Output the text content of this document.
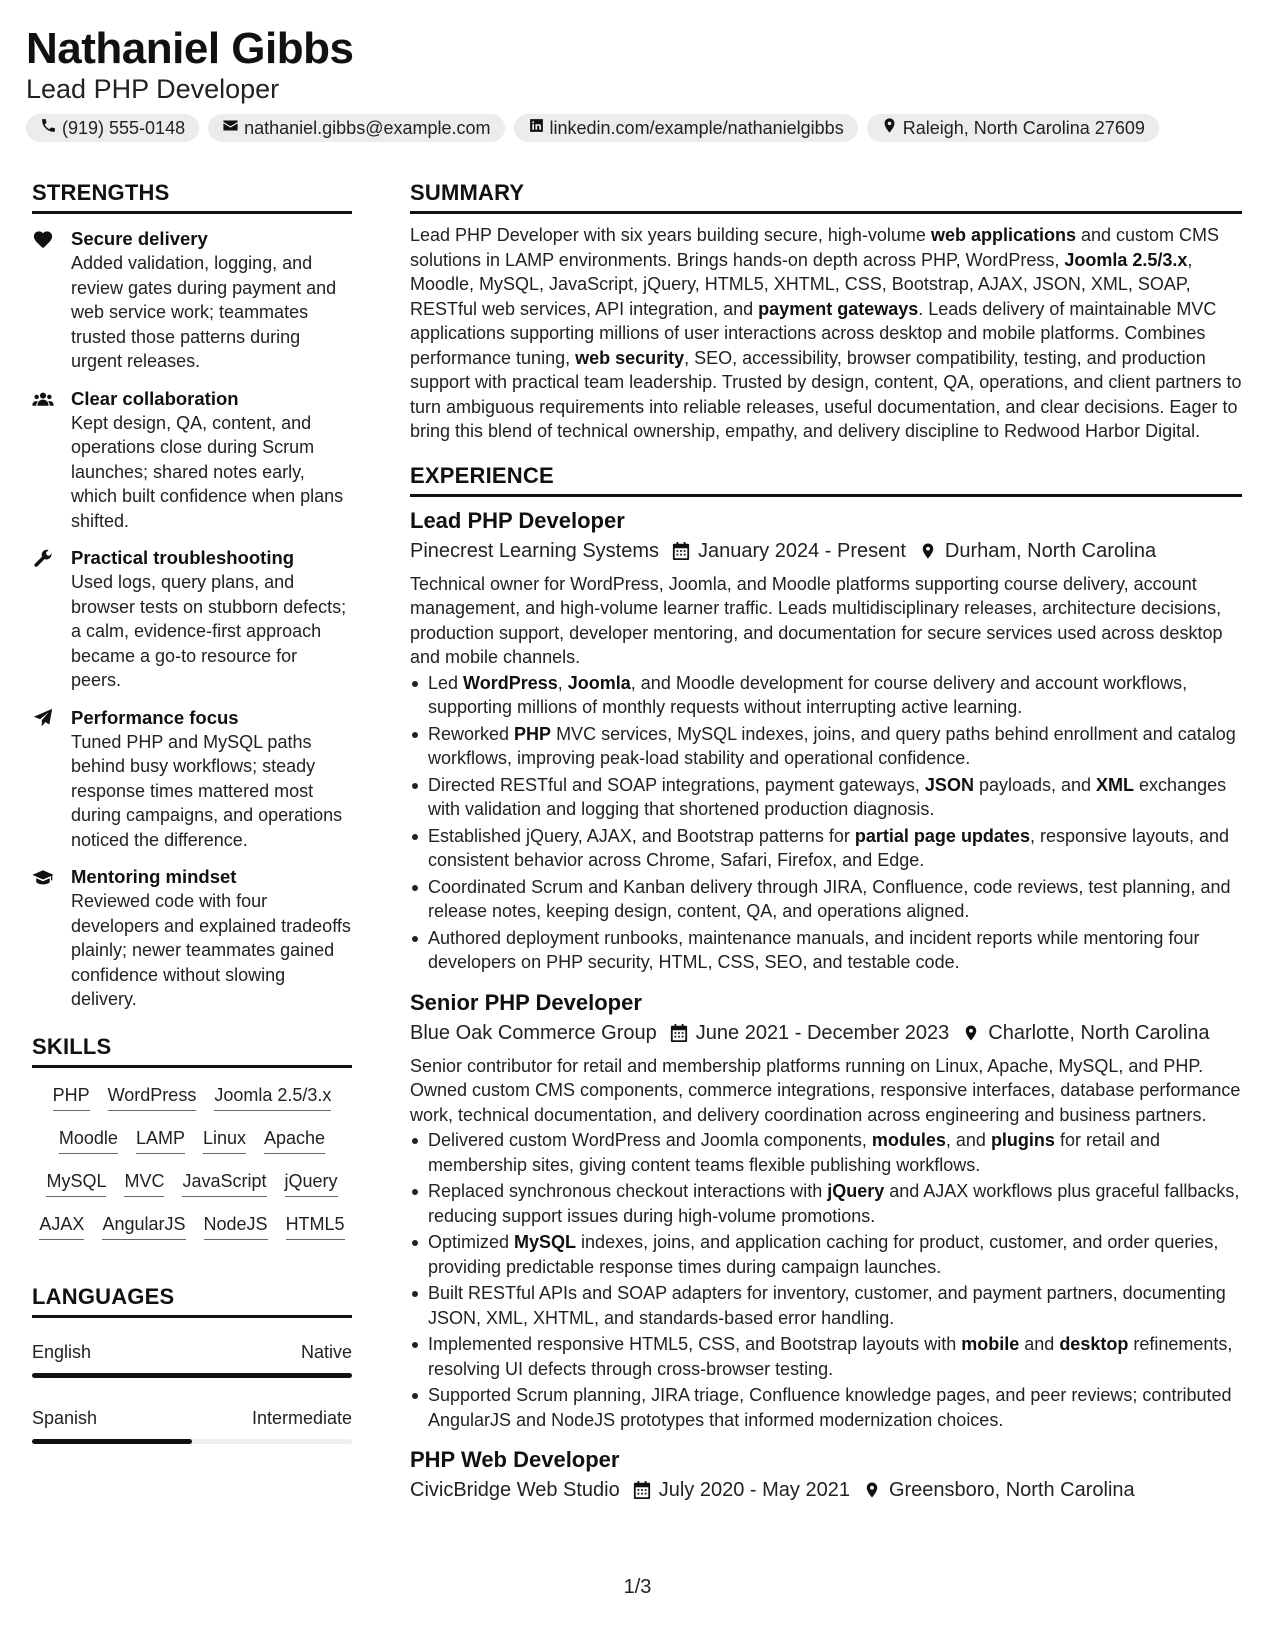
Nathaniel Gibbs
Lead PHP Developer
(919) 555-0148	nathaniel.gibbs@example.com	linkedin.com/example/nathanielgibbs	Raleigh, North Carolina 27609
STRENGTHS
Secure delivery
Added validation, logging, and review gates during payment and web service work; teammates trusted those patterns during urgent releases.
Clear collaboration
Kept design, QA, content, and operations close during Scrum launches; shared notes early, which built confidence when plans shifted.
Practical troubleshooting
Used logs, query plans, and browser tests on stubborn defects; a calm, evidence-first approach became a go-to resource for peers.
Performance focus
Tuned PHP and MySQL paths behind busy workflows; steady response times mattered most during campaigns, and operations noticed the difference.
Mentoring mindset
Reviewed code with four developers and explained tradeoffs plainly; newer teammates gained confidence without slowing delivery.
SKILLS
PHP WordPress Joomla 2.5/3.x
Moodle LAMP Linux Apache
MySQL MVC JavaScript jQuery
AJAX AngularJS NodeJS HTML5
LANGUAGES
English	Native
Spanish	Intermediate
SUMMARY
Lead PHP Developer with six years building secure, high-volume web applications and custom CMS solutions in LAMP environments. Brings hands-on depth across PHP, WordPress, Joomla 2.5/3.x, Moodle, MySQL, JavaScript, jQuery, HTML5, XHTML, CSS, Bootstrap, AJAX, JSON, XML, SOAP, RESTful web services, API integration, and payment gateways. Leads delivery of maintainable MVC applications supporting millions of user interactions across desktop and mobile platforms. Combines performance tuning, web security, SEO, accessibility, browser compatibility, testing, and production support with practical team leadership. Trusted by design, content, QA, operations, and client partners to turn ambiguous requirements into reliable releases, useful documentation, and clear decisions. Eager to bring this blend of technical ownership, empathy, and delivery discipline to Redwood Harbor Digital.
EXPERIENCE
Lead PHP Developer
Pinecrest Learning Systems January 2024 - Present Durham, North Carolina
Technical owner for WordPress, Joomla, and Moodle platforms supporting course delivery, account management, and high-volume learner traffic. Leads multidisciplinary releases, architecture decisions, production support, developer mentoring, and documentation for secure services used across desktop and mobile channels.
Led WordPress, Joomla, and Moodle development for course delivery and account workflows, supporting millions of monthly requests without interrupting active learning.
Reworked PHP MVC services, MySQL indexes, joins, and query paths behind enrollment and catalog workflows, improving peak-load stability and operational confidence.
Directed RESTful and SOAP integrations, payment gateways, JSON payloads, and XML exchanges with validation and logging that shortened production diagnosis.
Established jQuery, AJAX, and Bootstrap patterns for partial page updates, responsive layouts, and consistent behavior across Chrome, Safari, Firefox, and Edge.
Coordinated Scrum and Kanban delivery through JIRA, Confluence, code reviews, test planning, and release notes, keeping design, content, QA, and operations aligned.
Authored deployment runbooks, maintenance manuals, and incident reports while mentoring four developers on PHP security, HTML, CSS, SEO, and testable code.
Senior PHP Developer
Blue Oak Commerce Group June 2021 - December 2023 Charlotte, North Carolina
Senior contributor for retail and membership platforms running on Linux, Apache, MySQL, and PHP. Owned custom CMS components, commerce integrations, responsive interfaces, database performance work, technical documentation, and delivery coordination across engineering and business partners.
Delivered custom WordPress and Joomla components, modules, and plugins for retail and membership sites, giving content teams flexible publishing workflows.
Replaced synchronous checkout interactions with jQuery and AJAX workflows plus graceful fallbacks, reducing support issues during high-volume promotions.
Optimized MySQL indexes, joins, and application caching for product, customer, and order queries, providing predictable response times during campaign launches.
Built RESTful APIs and SOAP adapters for inventory, customer, and payment partners, documenting JSON, XML, XHTML, and standards-based error handling.
Implemented responsive HTML5, CSS, and Bootstrap layouts with mobile and desktop refinements, resolving UI defects through cross-browser testing.
Supported Scrum planning, JIRA triage, Confluence knowledge pages, and peer reviews; contributed AngularJS and NodeJS prototypes that informed modernization choices.
PHP Web Developer
CivicBridge Web Studio July 2020 - May 2021 Greensboro, North Carolina
1/3
